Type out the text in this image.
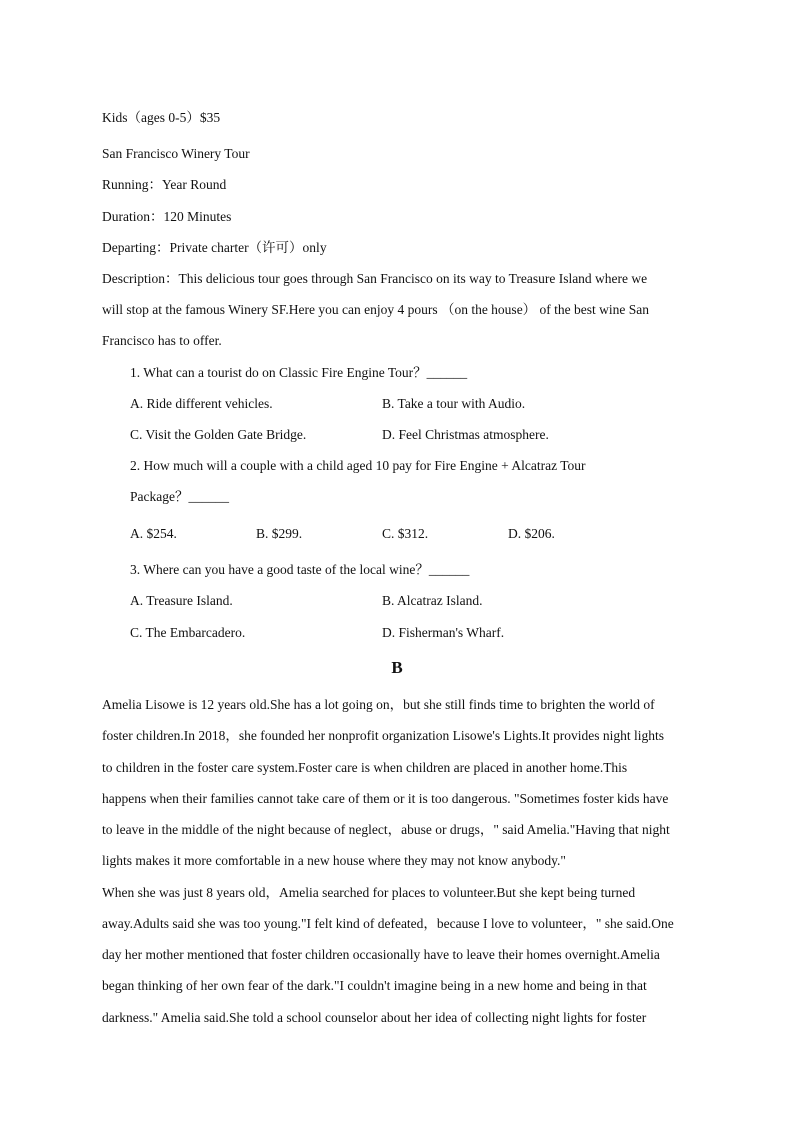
Kids（ages 0-5）$35
San Francisco Winery Tour
Running：Year Round
Duration：120 Minutes
Departing：Private charter（许可）only
Description：This delicious tour goes through San Francisco on its way to Treasure Island where we
will stop at the famous Winery SF.Here you can enjoy 4 pours （on the house） of the best wine San
Francisco has to offer.
1. What can a tourist do on Classic Fire Engine Tour？______
A. Ride different vehicles.	B. Take a tour with Audio.
C. Visit the Golden Gate Bridge.	D. Feel Christmas atmosphere.
2. How much will a couple with a child aged 10 pay for Fire Engine + Alcatraz Tour
Package？______
A. $254.	B. $299.	C. $312.	D. $206.
3. Where can you have a good taste of the local wine？______
A. Treasure Island.	B. Alcatraz Island.
C. The Embarcadero.	D. Fisherman's Wharf.
B
Amelia Lisowe is 12 years old.She has a lot going on，but she still finds time to brighten the world of
foster children.In 2018，she founded her nonprofit organization Lisowe's Lights.It provides night lights
to children in the foster care system.Foster care is when children are placed in another home.This
happens when their families cannot take care of them or it is too dangerous. "Sometimes foster kids have
to leave in the middle of the night because of neglect，abuse or drugs，" said Amelia."Having that night
lights makes it more comfortable in a new house where they may not know anybody."
When she was just 8 years old，Amelia searched for places to volunteer.But she kept being turned
away.Adults said she was too young."I felt kind of defeated，because I love to volunteer，" she said.One
day her mother mentioned that foster children occasionally have to leave their homes overnight.Amelia
began thinking of her own fear of the dark."I couldn't imagine being in a new home and being in that
darkness." Amelia said.She told a school counselor about her idea of collecting night lights for foster
